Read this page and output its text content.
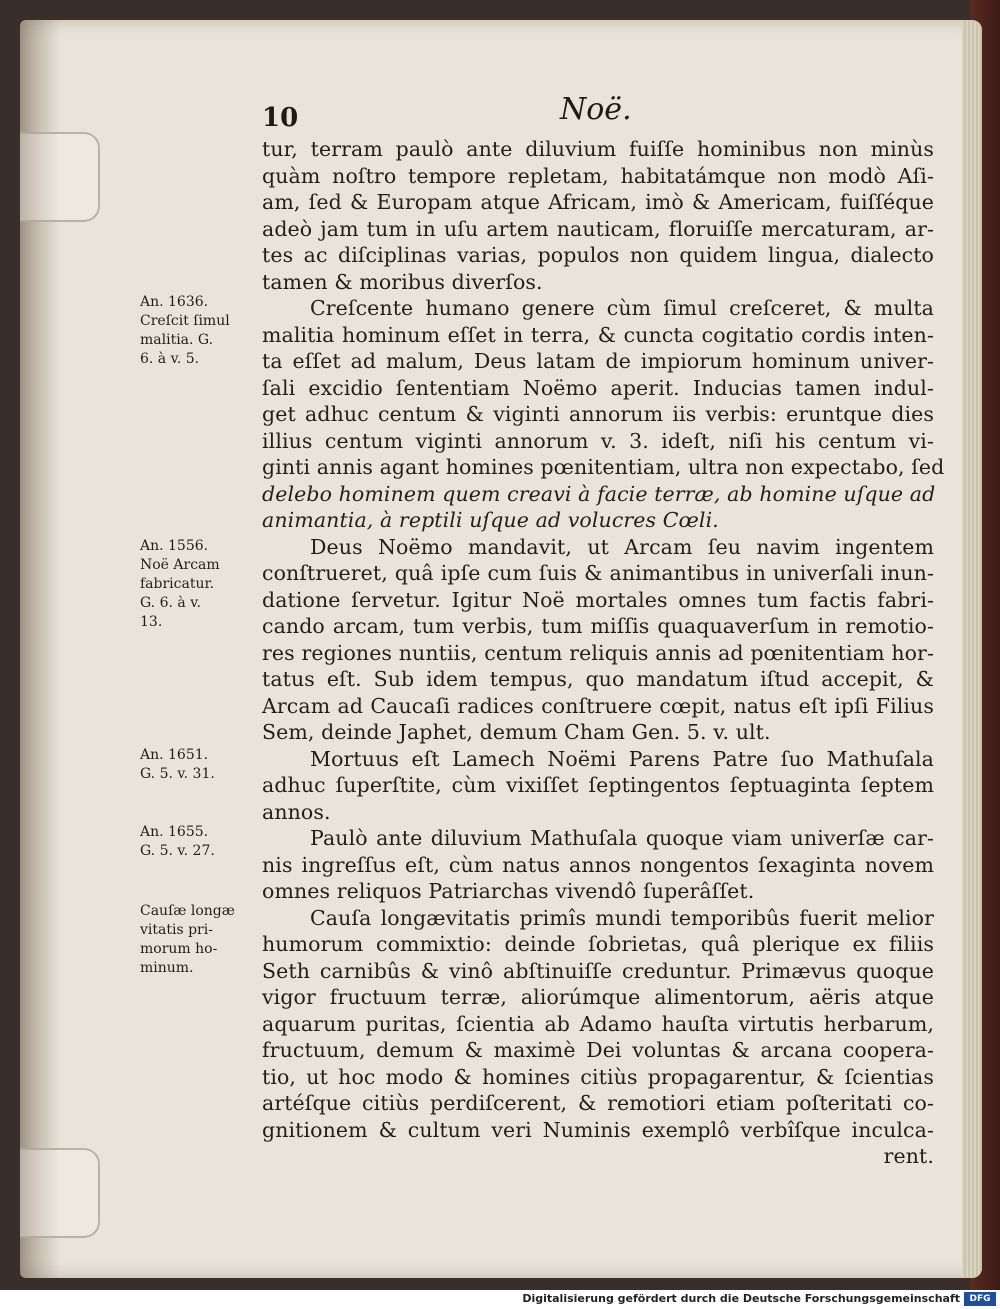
10	Noë.
An. 1636.
Creſcit ſimul
malitia. G.
6. à v. 5.
An. 1556.
Noë Arcam
fabricatur.
G. 6. à v.
13.
An. 1651.
G. 5. v. 31.
An. 1655.
G. 5. v. 27.
Cauſæ longæ
vitatis pri-
morum ho-
minum.
tur, terram paulò ante diluvium fuiſſe hominibus non minùs
quàm noſtro tempore repletam, habitatámque non modò Aſi-
am, ſed & Europam atque Africam, imò & Americam, fuiſſéque
adeò jam tum in uſu artem nauticam, floruiſſe mercaturam, ar-
tes ac diſciplinas varias, populos non quidem lingua, dialecto
tamen & moribus diverſos.
Creſcente humano genere cùm ſimul creſceret, & multa
malitia hominum eſſet in terra, & cuncta cogitatio cordis inten-
ta eſſet ad malum, Deus latam de impiorum hominum univer-
ſali excidio ſententiam Noëmo aperit. Inducias tamen indul-
get adhuc centum & viginti annorum iis verbis: eruntque dies
illius centum viginti annorum v. 3. ideſt, niſi his centum vi-
ginti annis agant homines pœnitentiam, ultra non expectabo, ſed
delebo hominem quem creavi à facie terræ, ab homine uſque ad
animantia, à reptili uſque ad volucres Cœli.
Deus Noëmo mandavit, ut Arcam ſeu navim ingentem
conſtrueret, quâ ipſe cum ſuis & animantibus in univerſali inun-
datione ſervetur. Igitur Noë mortales omnes tum factis fabri-
cando arcam, tum verbis, tum miſſis quaquaverſum in remotio-
res regiones nuntiis, centum reliquis annis ad pœnitentiam hor-
tatus eſt. Sub idem tempus, quo mandatum iſtud accepit, &
Arcam ad Caucaſi radices conſtruere cœpit, natus eſt ipſi Filius
Sem, deinde Japhet, demum Cham Gen. 5. v. ult.
Mortuus eſt Lamech Noëmi Parens Patre ſuo Mathuſala
adhuc ſuperſtite, cùm vixiſſet ſeptingentos ſeptuaginta ſeptem
annos.
Paulò ante diluvium Mathuſala quoque viam univerſæ car-
nis ingreſſus eſt, cùm natus annos nongentos ſexaginta novem
omnes reliquos Patriarchas vivendô ſuperâſſet.
Cauſa longævitatis primîs mundi temporibûs fuerit melior
humorum commixtio: deinde ſobrietas, quâ plerique ex filiis
Seth carnibûs & vinô abſtinuiſſe creduntur. Primævus quoque
vigor fructuum terræ, aliorúmque alimentorum, aëris atque
aquarum puritas, ſcientia ab Adamo hauſta virtutis herbarum,
fructuum, demum & maximè Dei voluntas & arcana coopera-
tio, ut hoc modo & homines citiùs propagarentur, & ſcientias
artéſque citiùs perdiſcerent, & remotiori etiam poſteritati co-
gnitionem & cultum veri Numinis exemplô verbîſque inculca-
rent.
Digitalisierung gefördert durch die Deutsche Forschungsgemeinschaft	DFG
